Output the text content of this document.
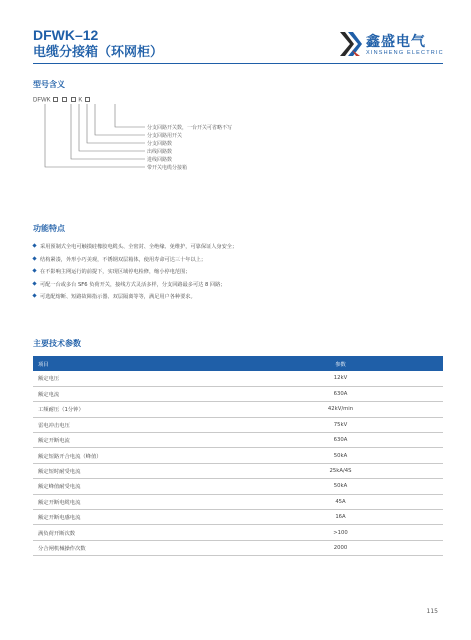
DFWK–12
电缆分接箱（环网柜）
鑫盛电气
XINSHENG ELECTRIC
型号含义
DFWK	K
分支回路开关数，一台开关可省略不写
分支回路用开关
分支回路数
出线回路数
进线回路数
带开关电缆分接箱
功能特点
采用预制式全电可触摸硅橡胶电缆头、全密封、全绝缘、免维护，可靠保证人身安全；
结构紧凑，外形小巧美观，不锈钢双层箱体，使用寿命可达三十年以上；
在不影响主网运行的前提下，实现区域停电检修，缩小停电范围；
可配一台或多台 SF6 负荷开关，接线方式灵活多样，分支回路最多可达 8 回路；
可选配熔断、短路故障指示器、双层隔离等等，满足用户各种要求。
主要技术参数
项目	参数
额定电压	12kV
额定电流	630A
工频耐压（1分钟）	42kV/min
雷电冲击电压	75kV
额定开断电流	630A
额定短路开合电流（峰值）	50kA
额定短时耐受电流	25kA/4S
额定峰值耐受电流	50kA
额定开断电缆电流	45A
额定开断电感电流	16A
满负荷开断次数	>100
分合闸机械操作次数	2000
115
